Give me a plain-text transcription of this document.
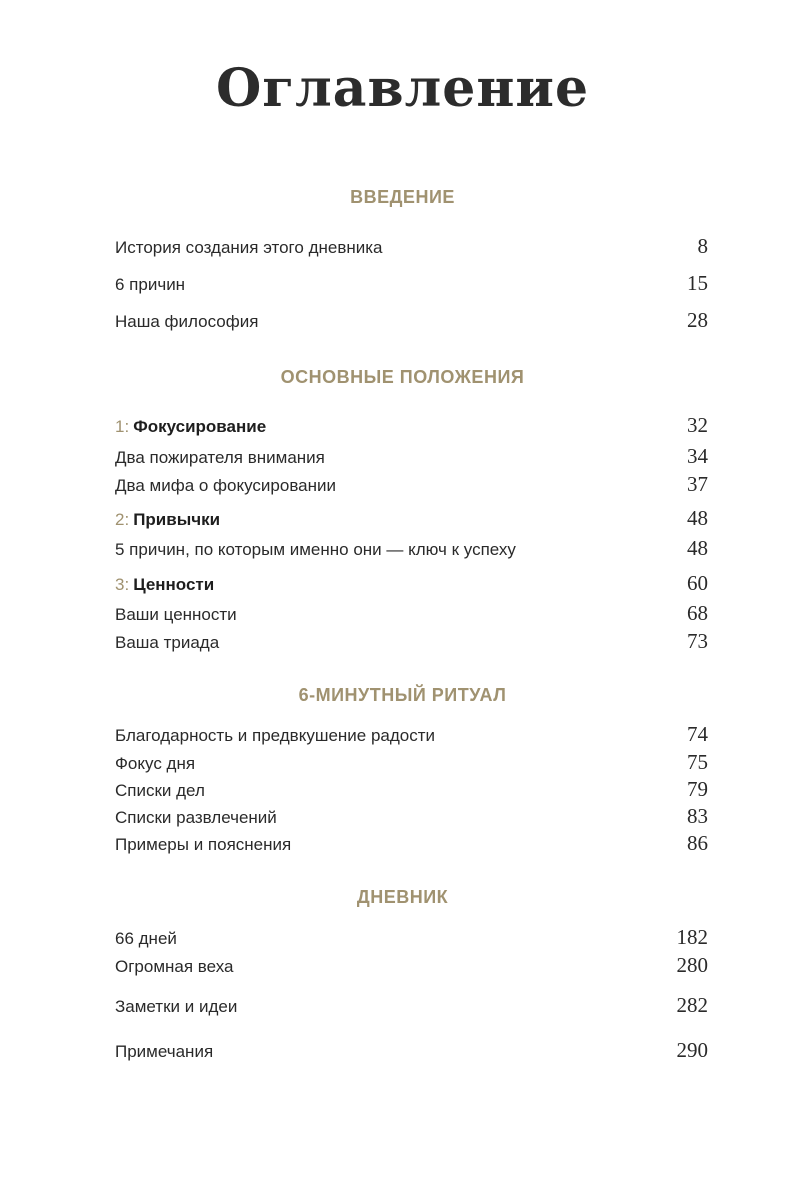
Оглавление
ВВЕДЕНИЕ
История создания этого дневника	8
6 причин	15
Наша философия	28
ОСНОВНЫЕ ПОЛОЖЕНИЯ
1: Фокусирование	32
Два пожирателя внимания	34
Два мифа о фокусировании	37
2: Привычки	48
5 причин, по которым именно они — ключ к успеху	48
3: Ценности	60
Ваши ценности	68
Ваша триада	73
6-МИНУТНЫЙ РИТУАЛ
Благодарность и предвкушение радости	74
Фокус дня	75
Списки дел	79
Списки развлечений	83
Примеры и пояснения	86
ДНЕВНИК
66 дней	182
Огромная веха	280
Заметки и идеи	282
Примечания	290
